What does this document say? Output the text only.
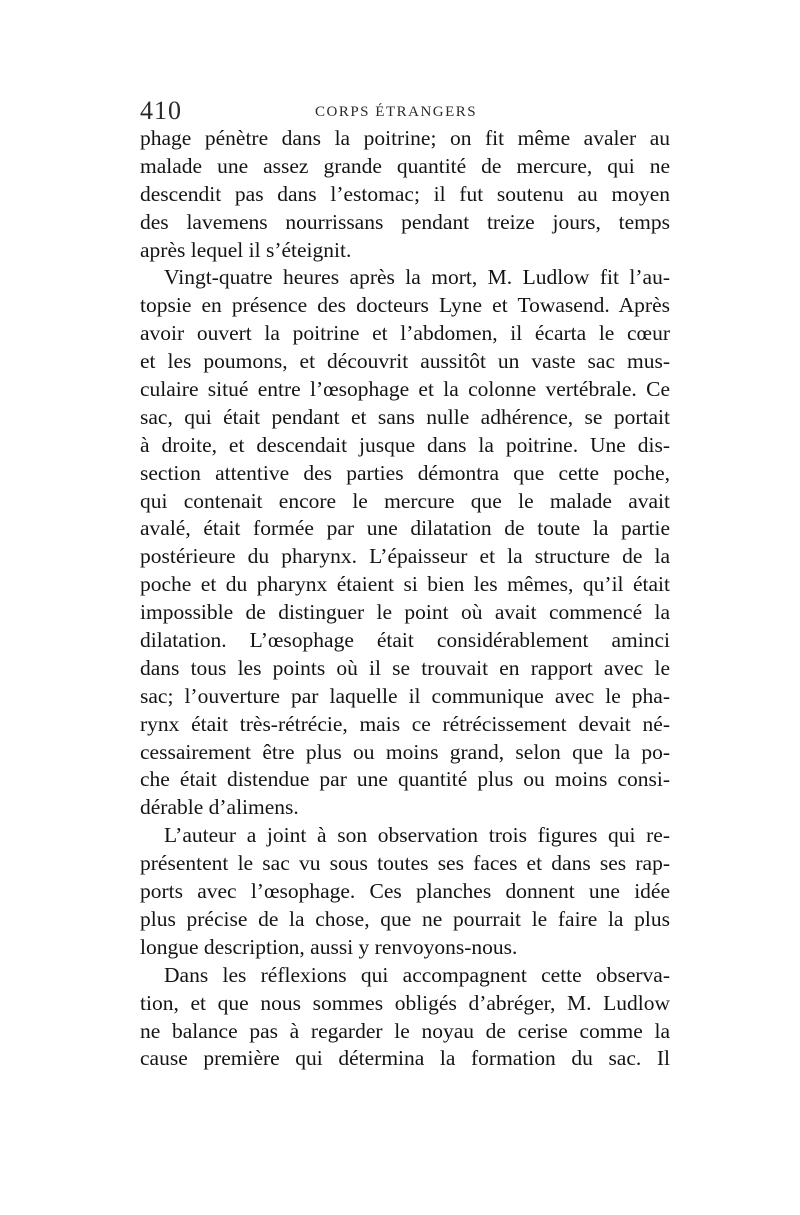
410	CORPS ÉTRANGERS
phage pénètre dans la poitrine; on fit même avaler au
malade une assez grande quantité de mercure, qui ne
descendit pas dans l’estomac; il fut soutenu au moyen
des lavemens nourrissans pendant treize jours, temps
après lequel il s’éteignit.
Vingt-quatre heures après la mort, M. Ludlow fit l’au-
topsie en présence des docteurs Lyne et Towasend. Après
avoir ouvert la poitrine et l’abdomen, il écarta le cœur
et les poumons, et découvrit aussitôt un vaste sac mus-
culaire situé entre l’œsophage et la colonne vertébrale. Ce
sac, qui était pendant et sans nulle adhérence, se portait
à droite, et descendait jusque dans la poitrine. Une dis-
section attentive des parties démontra que cette poche,
qui contenait encore le mercure que le malade avait
avalé, était formée par une dilatation de toute la partie
postérieure du pharynx. L’épaisseur et la structure de la
poche et du pharynx étaient si bien les mêmes, qu’il était
impossible de distinguer le point où avait commencé la
dilatation. L’œsophage était considérablement aminci
dans tous les points où il se trouvait en rapport avec le
sac; l’ouverture par laquelle il communique avec le pha-
rynx était très-rétrécie, mais ce rétrécissement devait né-
cessairement être plus ou moins grand, selon que la po-
che était distendue par une quantité plus ou moins consi-
dérable d’alimens.
L’auteur a joint à son observation trois figures qui re-
présentent le sac vu sous toutes ses faces et dans ses rap-
ports avec l’œsophage. Ces planches donnent une idée
plus précise de la chose, que ne pourrait le faire la plus
longue description, aussi y renvoyons-nous.
Dans les réflexions qui accompagnent cette observa-
tion, et que nous sommes obligés d’abréger, M. Ludlow
ne balance pas à regarder le noyau de cerise comme la
cause première qui détermina la formation du sac. Il
